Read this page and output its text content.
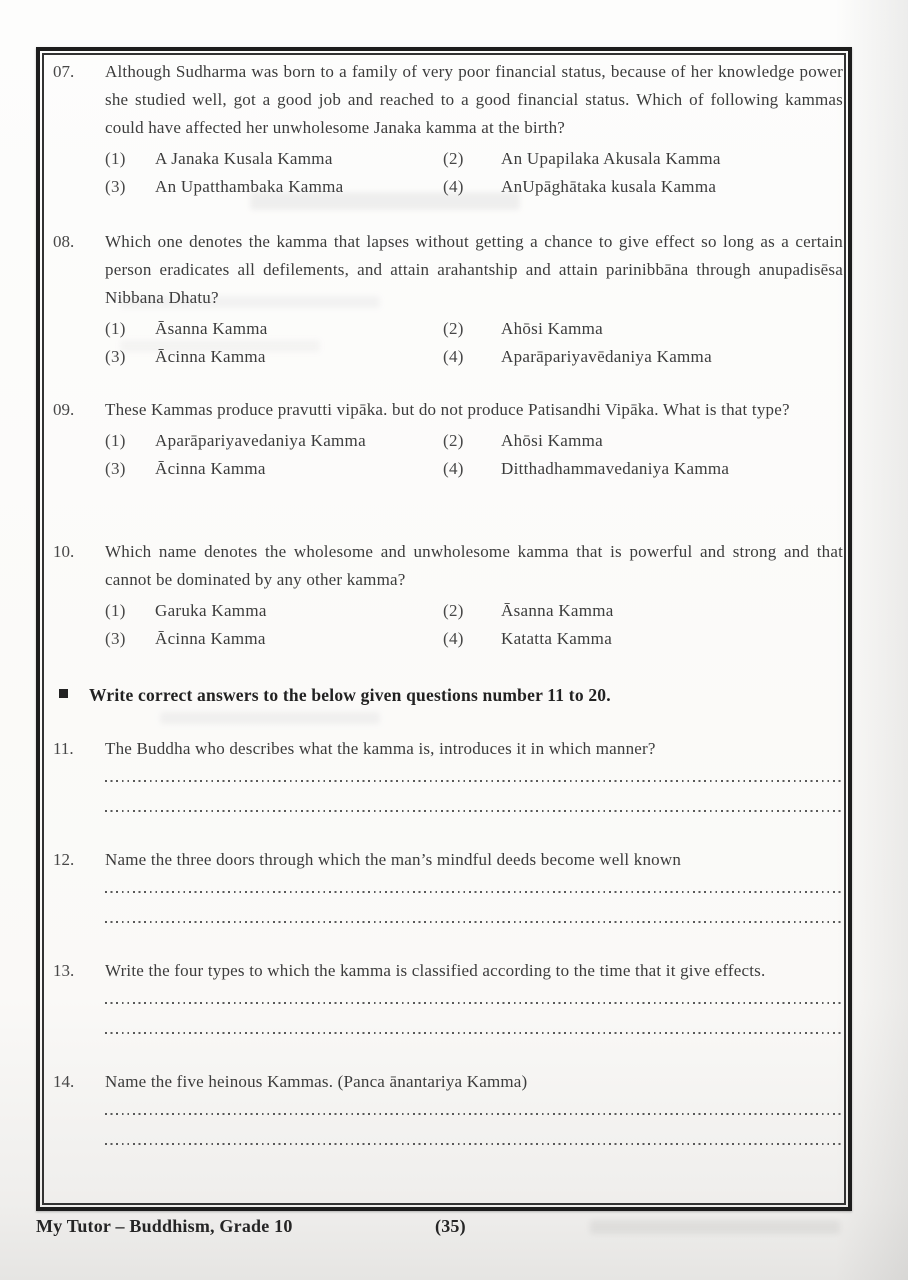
07.	Although Sudharma was born to a family of very poor financial status, because of her knowledge power she studied well, got a good job and reached to a good financial status. Which of following kammas could have affected her unwholesome Janaka kamma at the birth?
(1)	A Janaka Kusala Kamma	(2)	An Upapilaka Akusala Kamma
(3)	An Upatthambaka Kamma	(4)	AnUpāghātaka kusala Kamma
08.	Which one denotes the kamma that lapses without getting a chance to give effect so long as a certain person eradicates all defilements, and attain arahantship and attain parinibbāna through anupadisēsa Nibbana Dhatu?
(1)	Āsanna Kamma	(2)	Ahōsi Kamma
(3)	Ācinna Kamma	(4)	Aparāpariyavēdaniya Kamma
09.	These Kammas produce pravutti vipāka. but do not produce Patisandhi Vipāka. What is that type?
(1)	Aparāpariyavedaniya Kamma	(2)	Ahōsi Kamma
(3)	Ācinna Kamma	(4)	Ditthadhammavedaniya Kamma
10.	Which name denotes the wholesome and unwholesome kamma that is powerful and strong and that cannot be dominated by any other kamma?
(1)	Garuka Kamma	(2)	Āsanna Kamma
(3)	Ācinna Kamma	(4)	Katatta Kamma
Write correct answers to the below given questions number 11 to 20.
11.	The Buddha who describes what the kamma is, introduces it in which manner?
12.	Name the three doors through which the man’s mindful deeds become well known
13.	Write the four types to which the kamma is classified according to the time that it give effects.
14.	Name the five heinous Kammas. (Panca ānantariya Kamma)
My Tutor – Buddhism, Grade 10	(35)
